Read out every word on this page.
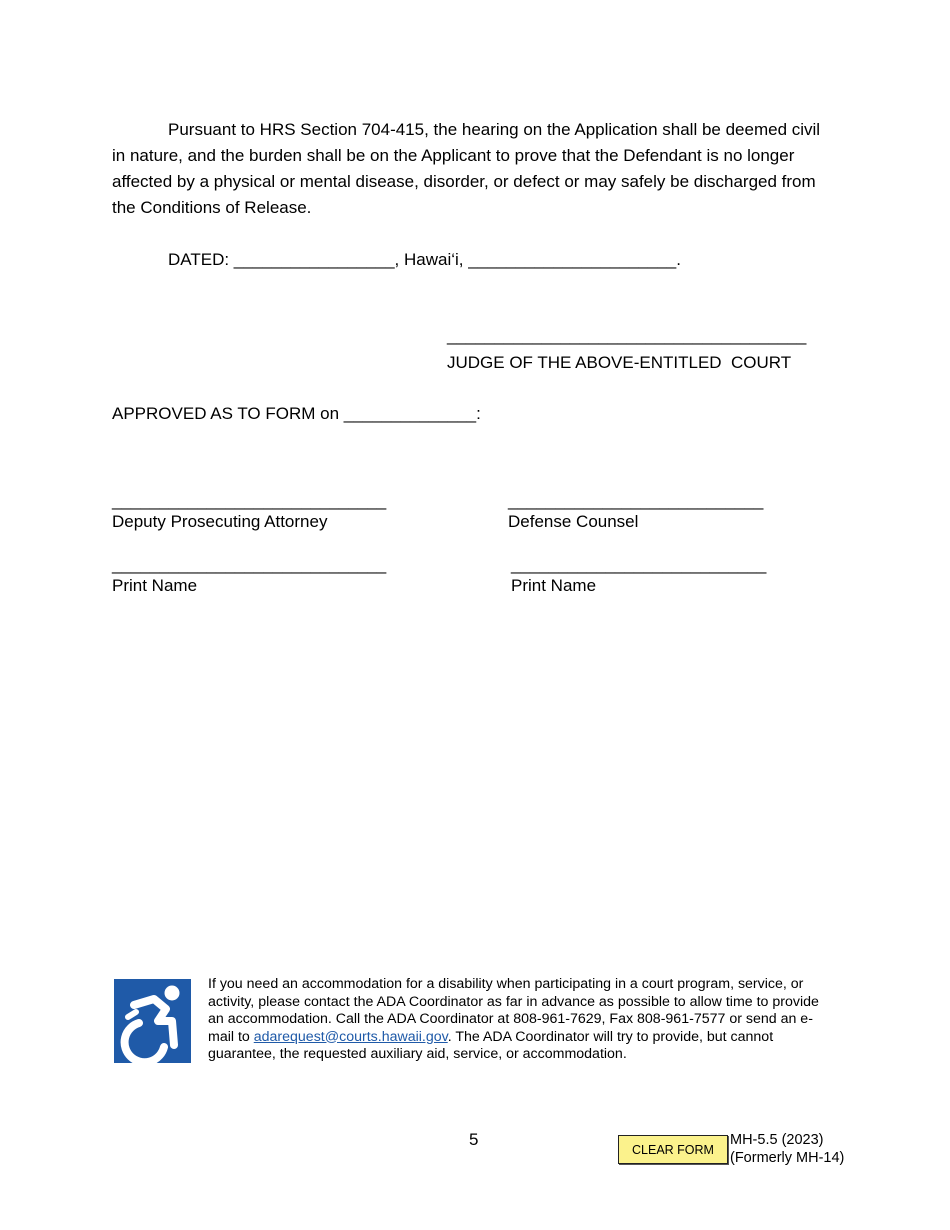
Pursuant to HRS Section 704-415, the hearing on the Application shall be deemed civil in nature, and the burden shall be on the Applicant to prove that the Defendant is no longer affected by a physical or mental disease, disorder, or defect or may safely be discharged from the Conditions of Release.

DATED: _________________, Hawai‘i, ______________________.
______________________________________
JUDGE OF THE ABOVE-ENTITLED  COURT
APPROVED AS TO FORM on ______________:
_____________________________
Deputy Prosecuting Attorney
___________________________
Defense Counsel
_____________________________
Print Name
___________________________
Print Name

If you need an accommodation for a disability when participating in a court program, service, or activity, please contact the ADA Coordinator as far in advance as possible to allow time to provide an accommodation. Call the ADA Coordinator at 808-961-7629, Fax 808-961-7577 or send an e-mail to adarequest@courts.hawaii.gov. The ADA Coordinator will try to provide, but cannot guarantee, the requested auxiliary aid, service, or accommodation.

5
CLEAR FORM
MH-5.5 (2023)
(Formerly MH-14)
